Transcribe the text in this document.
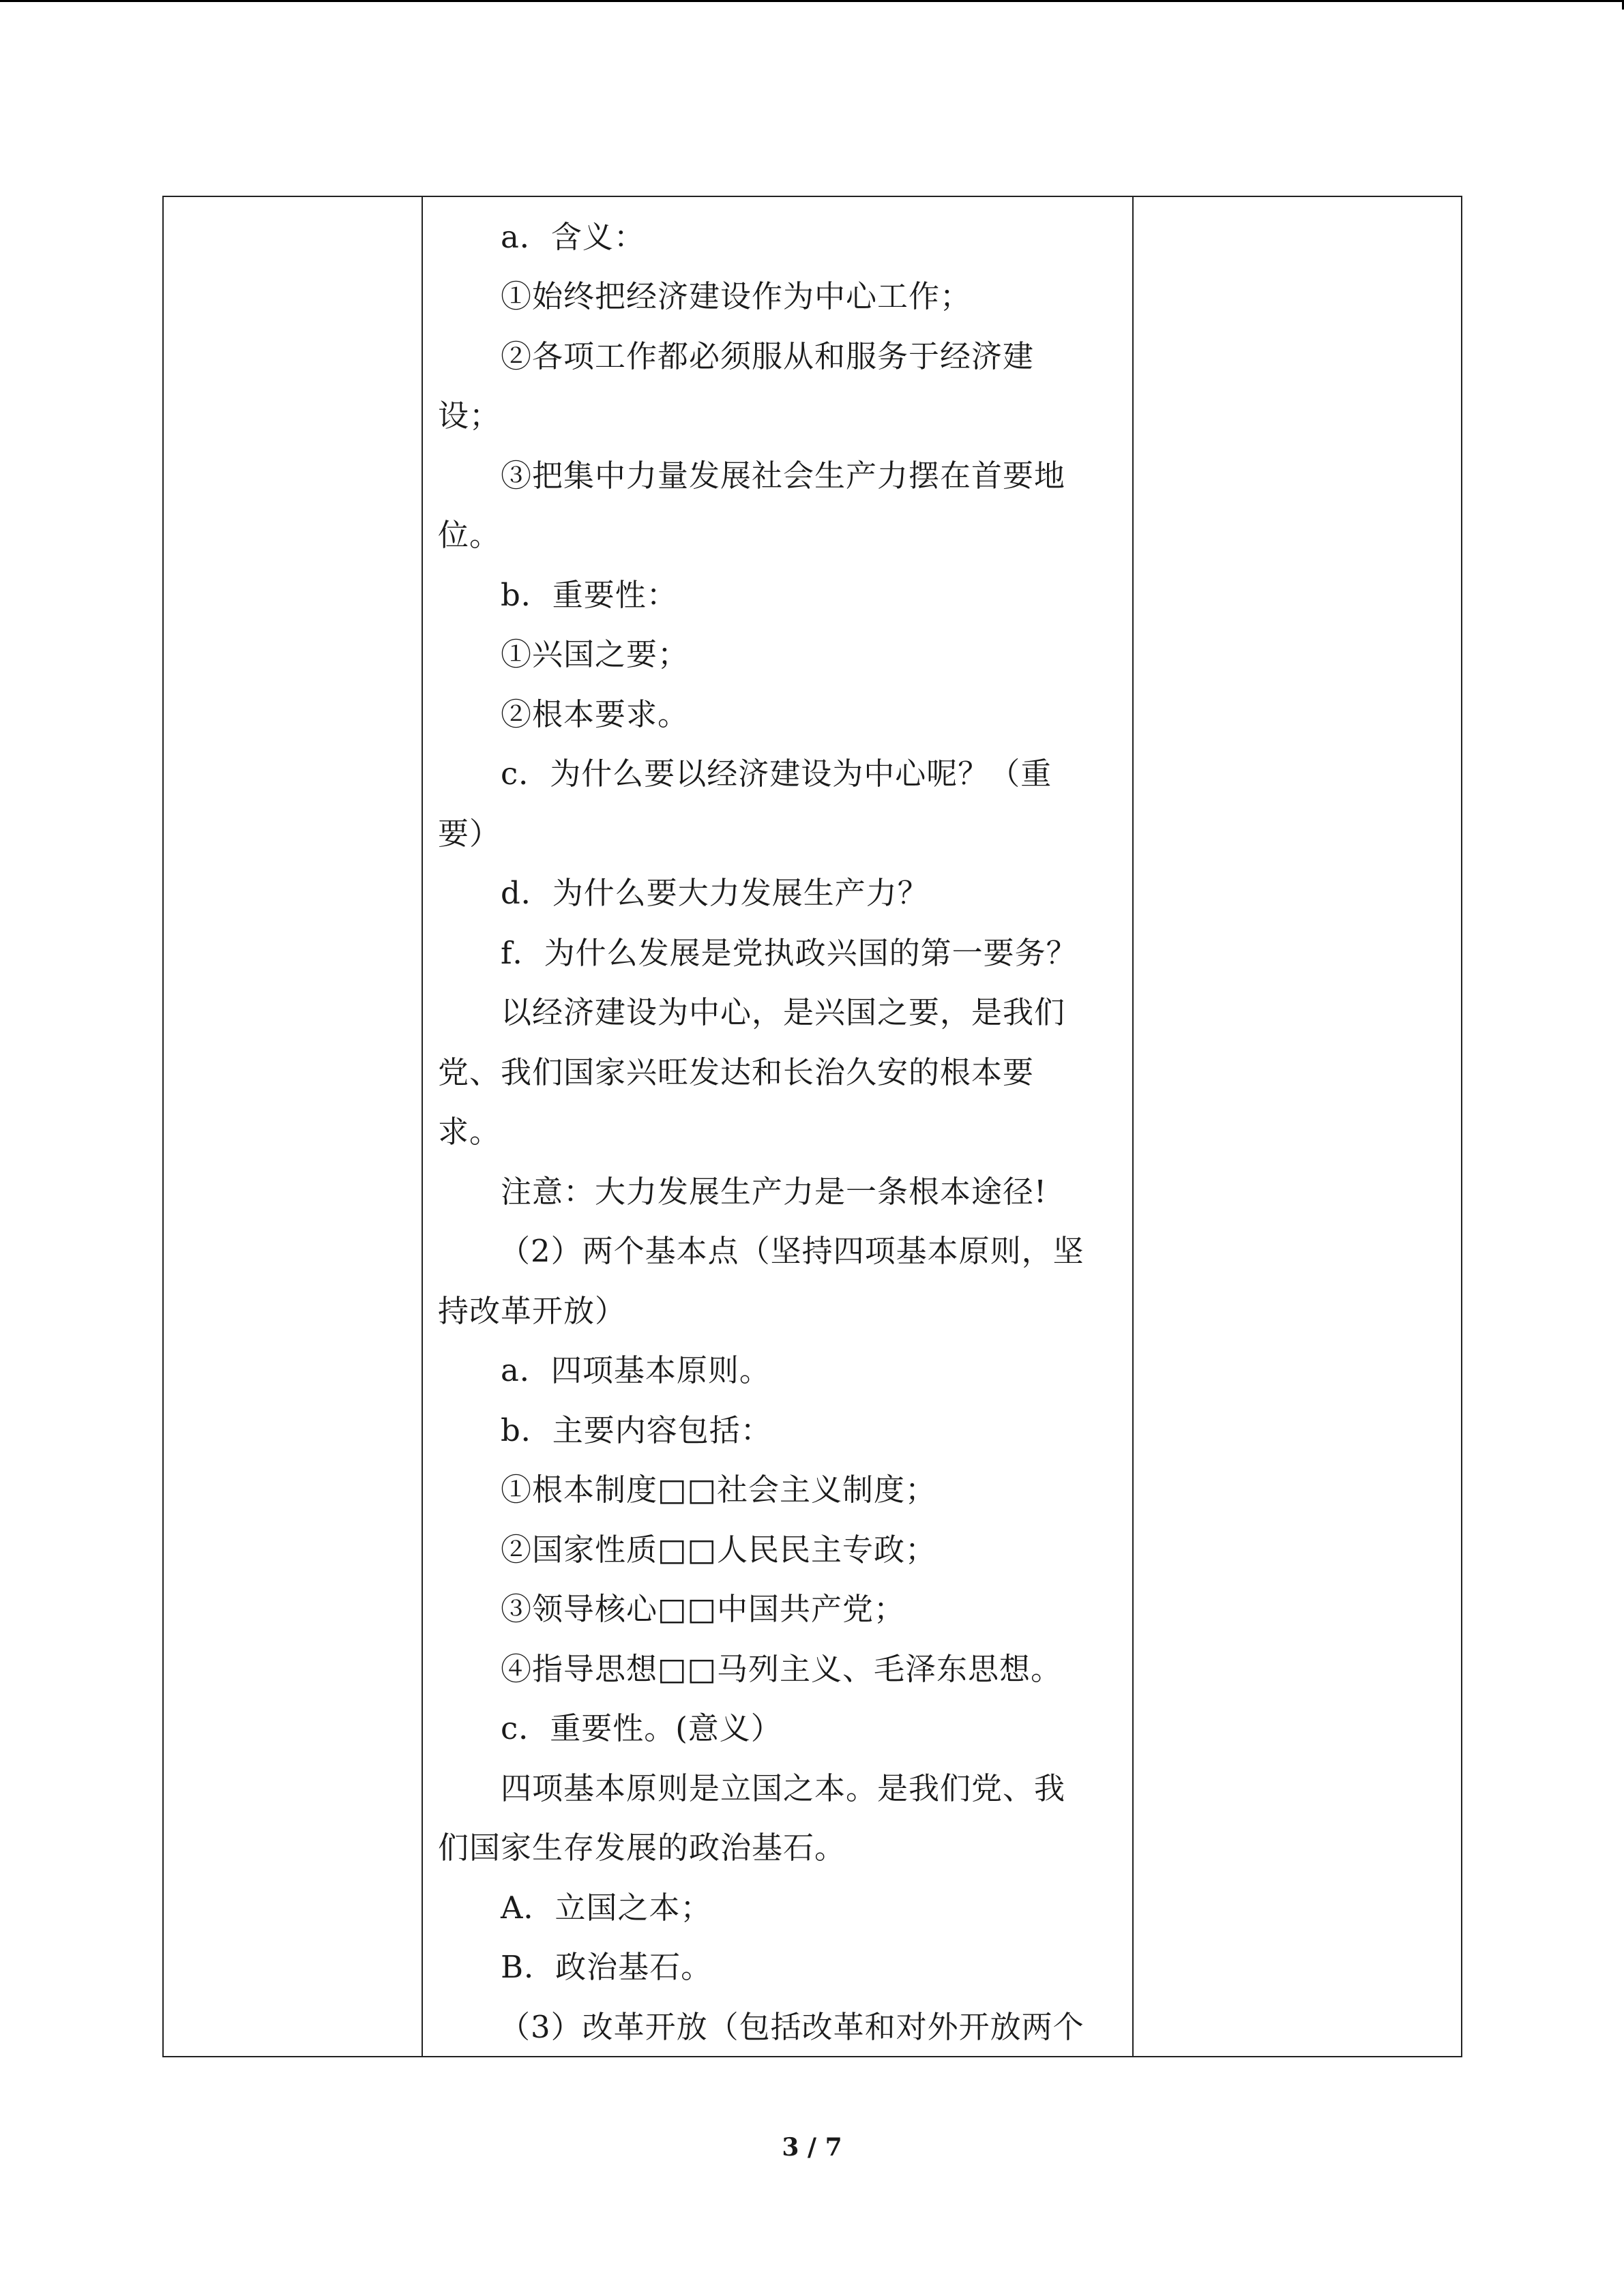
a．含义：
①始终把经济建设作为中心工作；
②各项工作都必须服从和服务于经济建
设；
③把集中力量发展社会生产力摆在首要地
位。
b．重要性：
①兴国之要；
②根本要求。
c．为什么要以经济建设为中心呢？（重
要）
d．为什么要大力发展生产力？
f．为什么发展是党执政兴国的第一要务？
以经济建设为中心，是兴国之要，是我们
党、我们国家兴旺发达和长治久安的根本要
求。
注意：大力发展生产力是一条根本途径!
（2）两个基本点（坚持四项基本原则，坚
持改革开放）
a．四项基本原则。
b．主要内容包括：
①根本制度□□社会主义制度；
②国家性质□□人民民主专政；
③领导核心□□中国共产党；
④指导思想□□马列主义、毛泽东思想。
c．重要性。(意义）
四项基本原则是立国之本。是我们党、我
们国家生存发展的政治基石。
A．立国之本；
B．政治基石。
（3）改革开放（包括改革和对外开放两个
3 / 7
